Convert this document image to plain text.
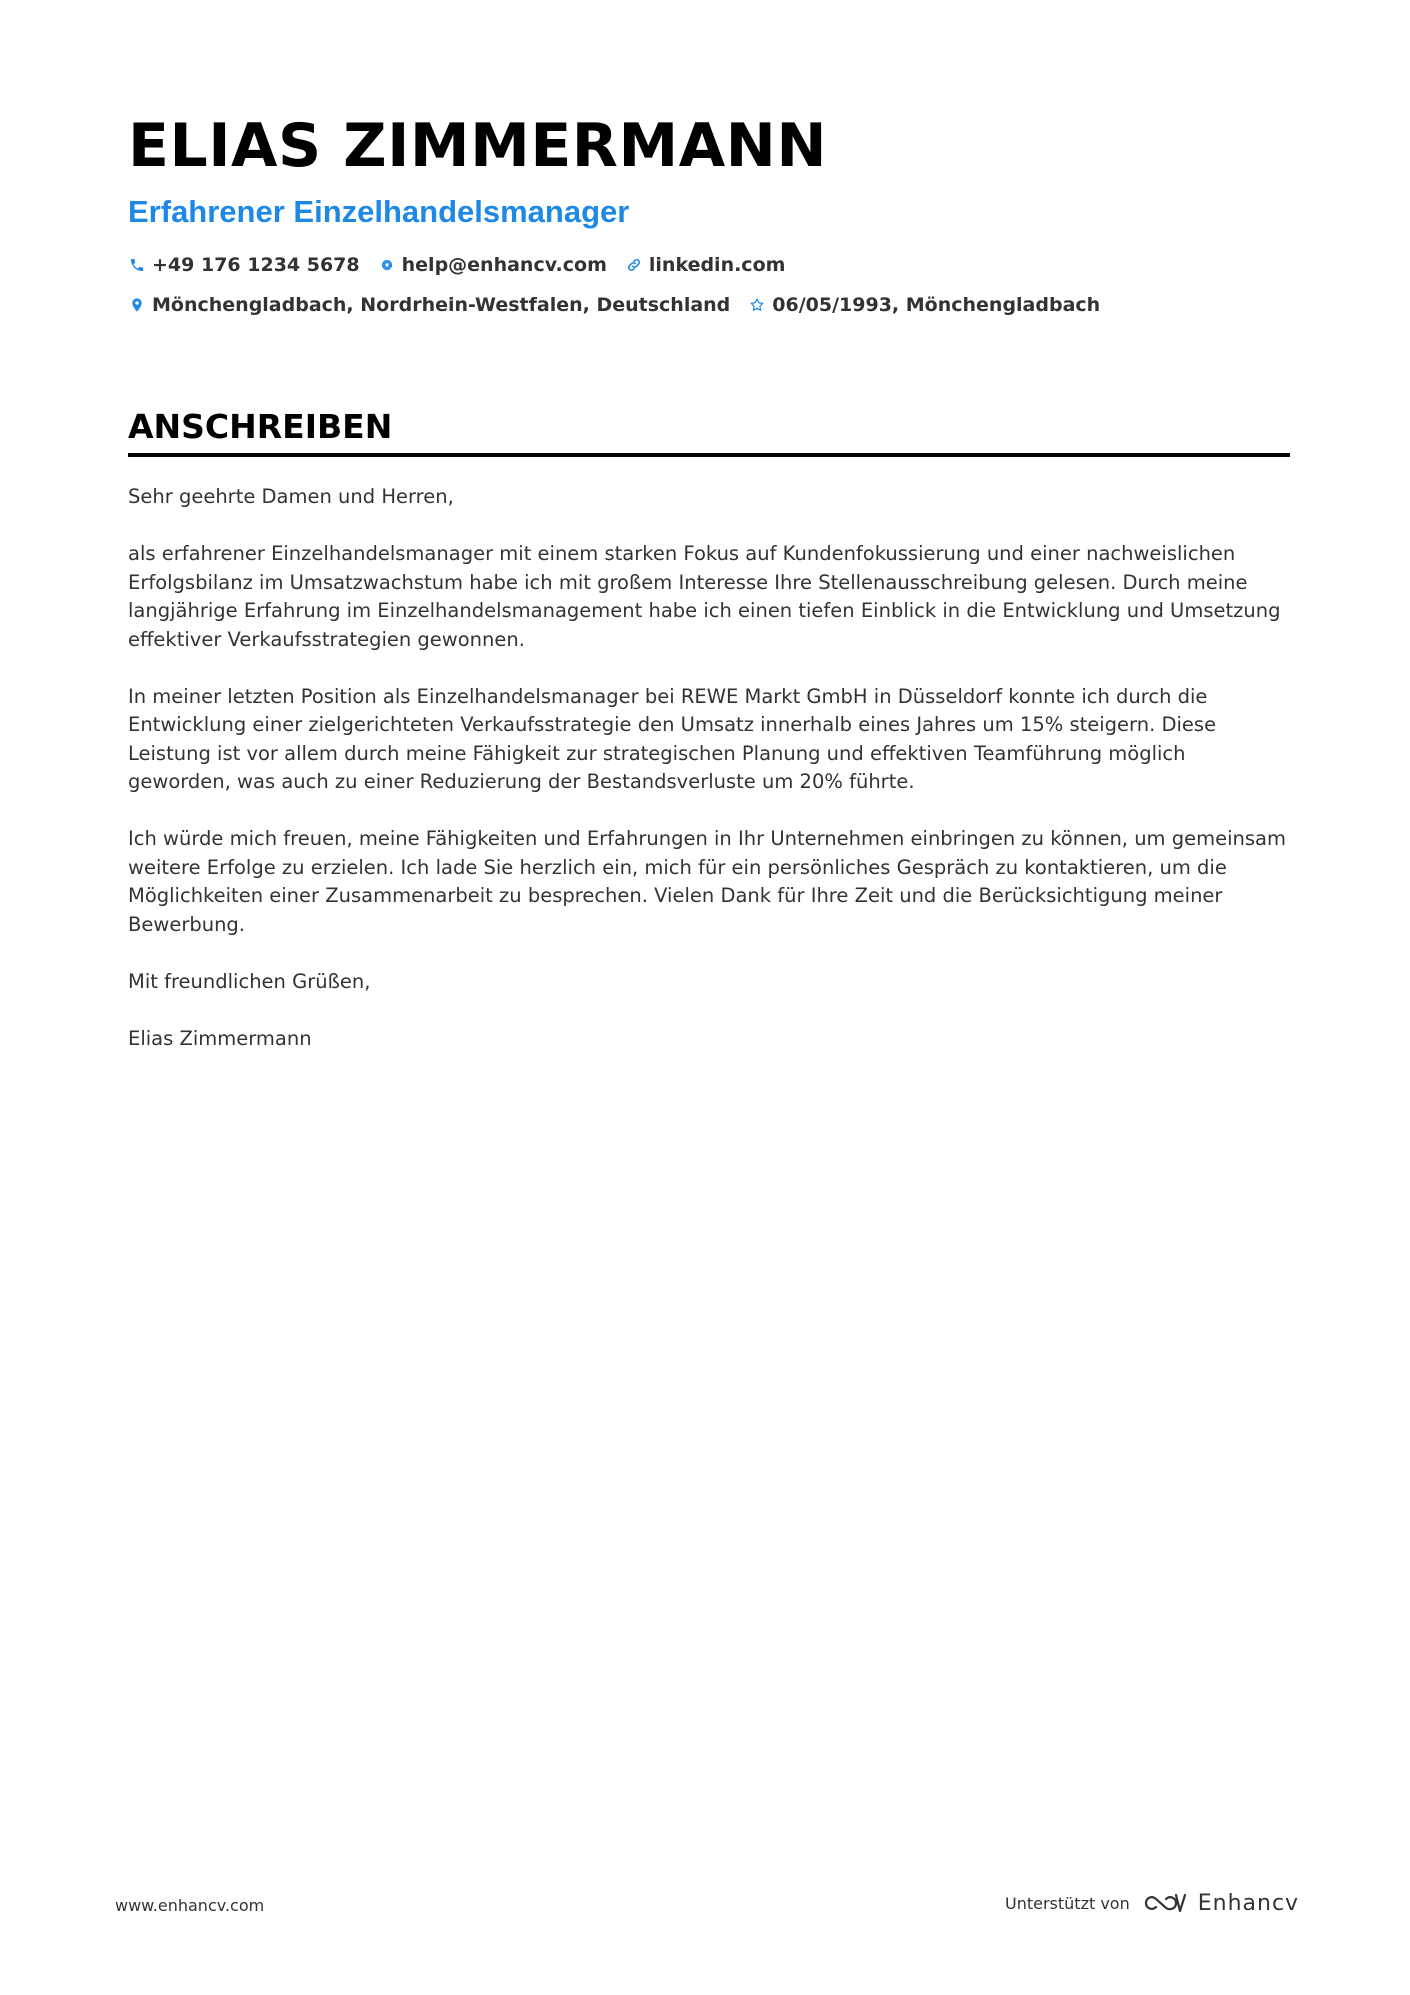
ELIAS ZIMMERMANN
Erfahrener Einzelhandelsmanager
+49 176 1234 5678 help@enhancv.com linkedin.com
Mönchengladbach, Nordrhein-Westfalen, Deutschland 06/05/1993, Mönchengladbach
ANSCHREIBEN

Sehr geehrte Damen und Herren,

als erfahrener Einzelhandelsmanager mit einem starken Fokus auf Kundenfokussierung und einer nachweislichen Erfolgsbilanz im Umsatzwachstum habe ich mit großem Interesse Ihre Stellenausschreibung gelesen. Durch meine langjährige Erfahrung im Einzelhandelsmanagement habe ich einen tiefen Einblick in die Entwicklung und Umsetzung effektiver Verkaufsstrategien gewonnen.

In meiner letzten Position als Einzelhandelsmanager bei REWE Markt GmbH in Düsseldorf konnte ich durch die Entwicklung einer zielgerichteten Verkaufsstrategie den Umsatz innerhalb eines Jahres um 15% steigern. Diese Leistung ist vor allem durch meine Fähigkeit zur strategischen Planung und effektiven Teamführung möglich geworden, was auch zu einer Reduzierung der Bestandsverluste um 20% führte.

Ich würde mich freuen, meine Fähigkeiten und Erfahrungen in Ihr Unternehmen einbringen zu können, um gemeinsam weitere Erfolge zu erzielen. Ich lade Sie herzlich ein, mich für ein persönliches Gespräch zu kontaktieren, um die Möglichkeiten einer Zusammenarbeit zu besprechen. Vielen Dank für Ihre Zeit und die Berücksichtigung meiner Bewerbung.

Mit freundlichen Grüßen,

Elias Zimmermann

www.enhancv.com	Unterstützt von	Enhancv
